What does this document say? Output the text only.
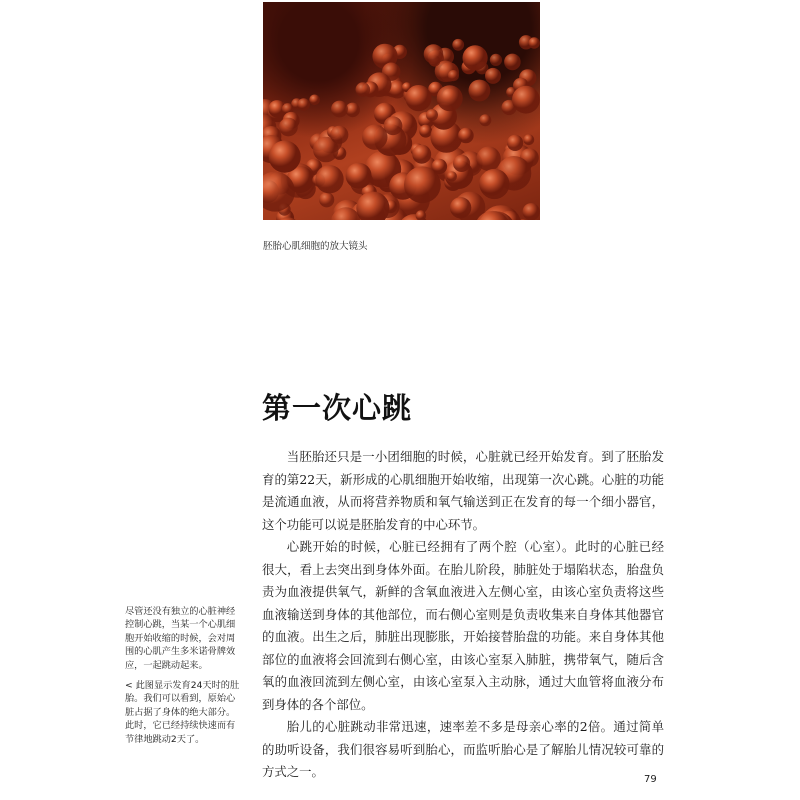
胚胎心肌细胞的放大镜头
第一次心跳

当胚胎还只是一小团细胞的时候，心脏就已经开始发育。到了胚胎发育的第22天，新形成的心肌细胞开始收缩，出现第一次心跳。心脏的功能是流通血液，从而将营养物质和氧气输送到正在发育的每一个细小器官，这个功能可以说是胚胎发育的中心环节。

心跳开始的时候，心脏已经拥有了两个腔（心室）。此时的心脏已经很大，看上去突出到身体外面。在胎儿阶段，肺脏处于塌陷状态，胎盘负责为血液提供氧气，新鲜的含氧血液进入左侧心室，由该心室负责将这些血液输送到身体的其他部位，而右侧心室则是负责收集来自身体其他器官的血液。出生之后，肺脏出现膨胀，开始接替胎盘的功能。来自身体其他部位的血液将会回流到右侧心室，由该心室泵入肺脏，携带氧气，随后含氧的血液回流到左侧心室，由该心室泵入主动脉，通过大血管将血液分布到身体的各个部位。

胎儿的心脏跳动非常迅速，速率差不多是母亲心率的2倍。通过简单的助听设备，我们很容易听到胎心，而监听胎心是了解胎儿情况较可靠的方式之一。

尽管还没有独立的心脏神经控制心跳，当某一个心肌细胞开始收缩的时候，会对周围的心肌产生多米诺骨牌效应，一起跳动起来。

< 此图显示发育24天时的肚胎。我们可以看到，原始心脏占据了身体的绝大部分。此时，它已经持续快速而有节律地跳动2天了。

79
